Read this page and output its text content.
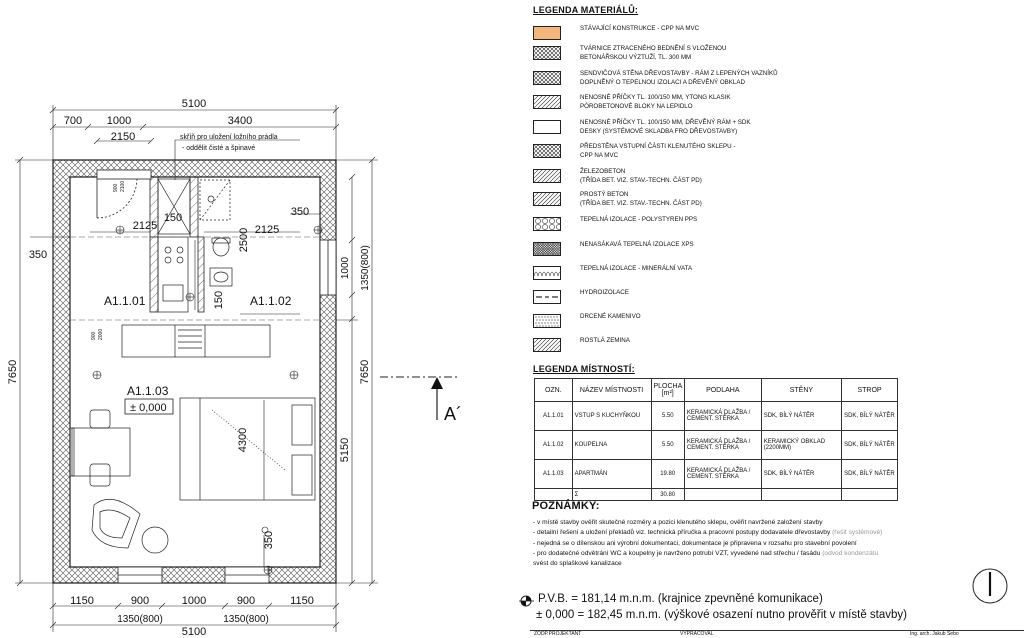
5100
700 1000	3400
2150
1150	900	1000	900	1150
1350(800)	1350(800)
5100
7650
350
7650
5150
1350(800)
1000
2125	2125
150
150
350
350
2500
4300
skříň pro uložení ložního prádla
- oddělit čisté a špinavé
900 2100
900 2000
A1.1.01	A1.1.02
A1.1.03
± 0,000	A´
LEGENDA MATERIÁLŮ:
STÁVAJÍCÍ KONSTRUKCE - CPP NA MVC
TVÁRNICE ZTRACENÉHO BEDNĚNÍ S VLOŽENOU
BETONÁŘSKOU VÝZTUŽÍ, TL. 300 MM
SENDVIČOVÁ STĚNA DŘEVOSTAVBY - RÁM Z LEPENÝCH VAZNÍKŮ
DOPLNĚNÝ O TEPELNOU IZOLACI A DŘEVĚNÝ OBKLAD
NENOSNÉ PŘÍČKY TL. 100/150 MM, YTONG KLASIK
PÓROBETONOVÉ BLOKY NA LEPIDLO
NENOSNÉ PŘÍČKY TL. 100/150 MM, DŘEVĚNÝ RÁM + SDK
DESKY (SYSTÉMOVÉ SKLADBA FRO DŘEVOSTAVBY)
PŘEDSTĚNA VSTUPNÍ ČÁSTI KLENUTÉHO SKLEPU -
CPP NA MVC
ŽELEZOBETON
(TŘÍDA BET. VIZ. STAV.-TECHN. ČÁST PD)
PROSTÝ BETON
(TŘÍDA BET. VIZ. STAV.-TECHN. ČÁST PD)
TEPELNÁ IZOLACE - POLYSTYREN PPS
NENASÁKAVÁ TEPELNÁ IZOLACE XPS
TEPELNÁ IZOLACE - MINERÁLNÍ VATA
HYDROIZOLACE
DRCENÉ KAMENIVO
ROSTLÁ ZEMINA
LEGENDA MÍSTNOSTÍ:
OZN.	NÁZEV MÍSTNOSTI	PLOCHA [m²]	PODLAHA	STĚNY	STROP
A1.1.01	VSTUP S KUCHYŇKOU	5.50	KERAMICKÁ DLAŽBA / CEMENT. STĚRKA	SDK, BÍLÝ NÁTĚR	SDK, BÍLÝ NÁTĚR
A1.1.02	KOUPELNA	5.50	KERAMICKÁ DLAŽBA / CEMENT. STĚRKA	KERAMICKÝ OBKLAD (2200MM)	SDK, BÍLÝ NÁTĚR
A1.1.03	APARTMÁN	19.80	KERAMICKÁ DLAŽBA / CEMENT. STĚRKA	SDK, BÍLÝ NÁTĚR	SDK, BÍLÝ NÁTĚR
	Σ	30.80			
POZNÁMKY:
- v místě stavby ověřit skutečné rozměry a pozici klenutého sklepu, ověřit navržené založení stavby
- detailní řešení a uložení překladů viz. technická příručka a pracovní postupy dodavatele dřevostavby (řešit systémově)
- nejedná se o dílenskou ani výrobní dokumentaci, dokumentace je připravena v rozsahu pro stavební povolení
- pro dodatečné odvětrání WC a koupelny je navrženo potrubí VZT, vyvedené nad střechu / fasádu (odvod kondenzátu
svést do splaškové kanalizace
P.V.B. = 181,14 m.n.m. (krajnice zpevněné komunikace)
± 0,000 = 182,45 m.n.m. (výškové osazení nutno prověřit v místě stavby)
ZODP.PROJEKTANT	VYPRACOVAL	Ing. arch. Jakub Šebo
